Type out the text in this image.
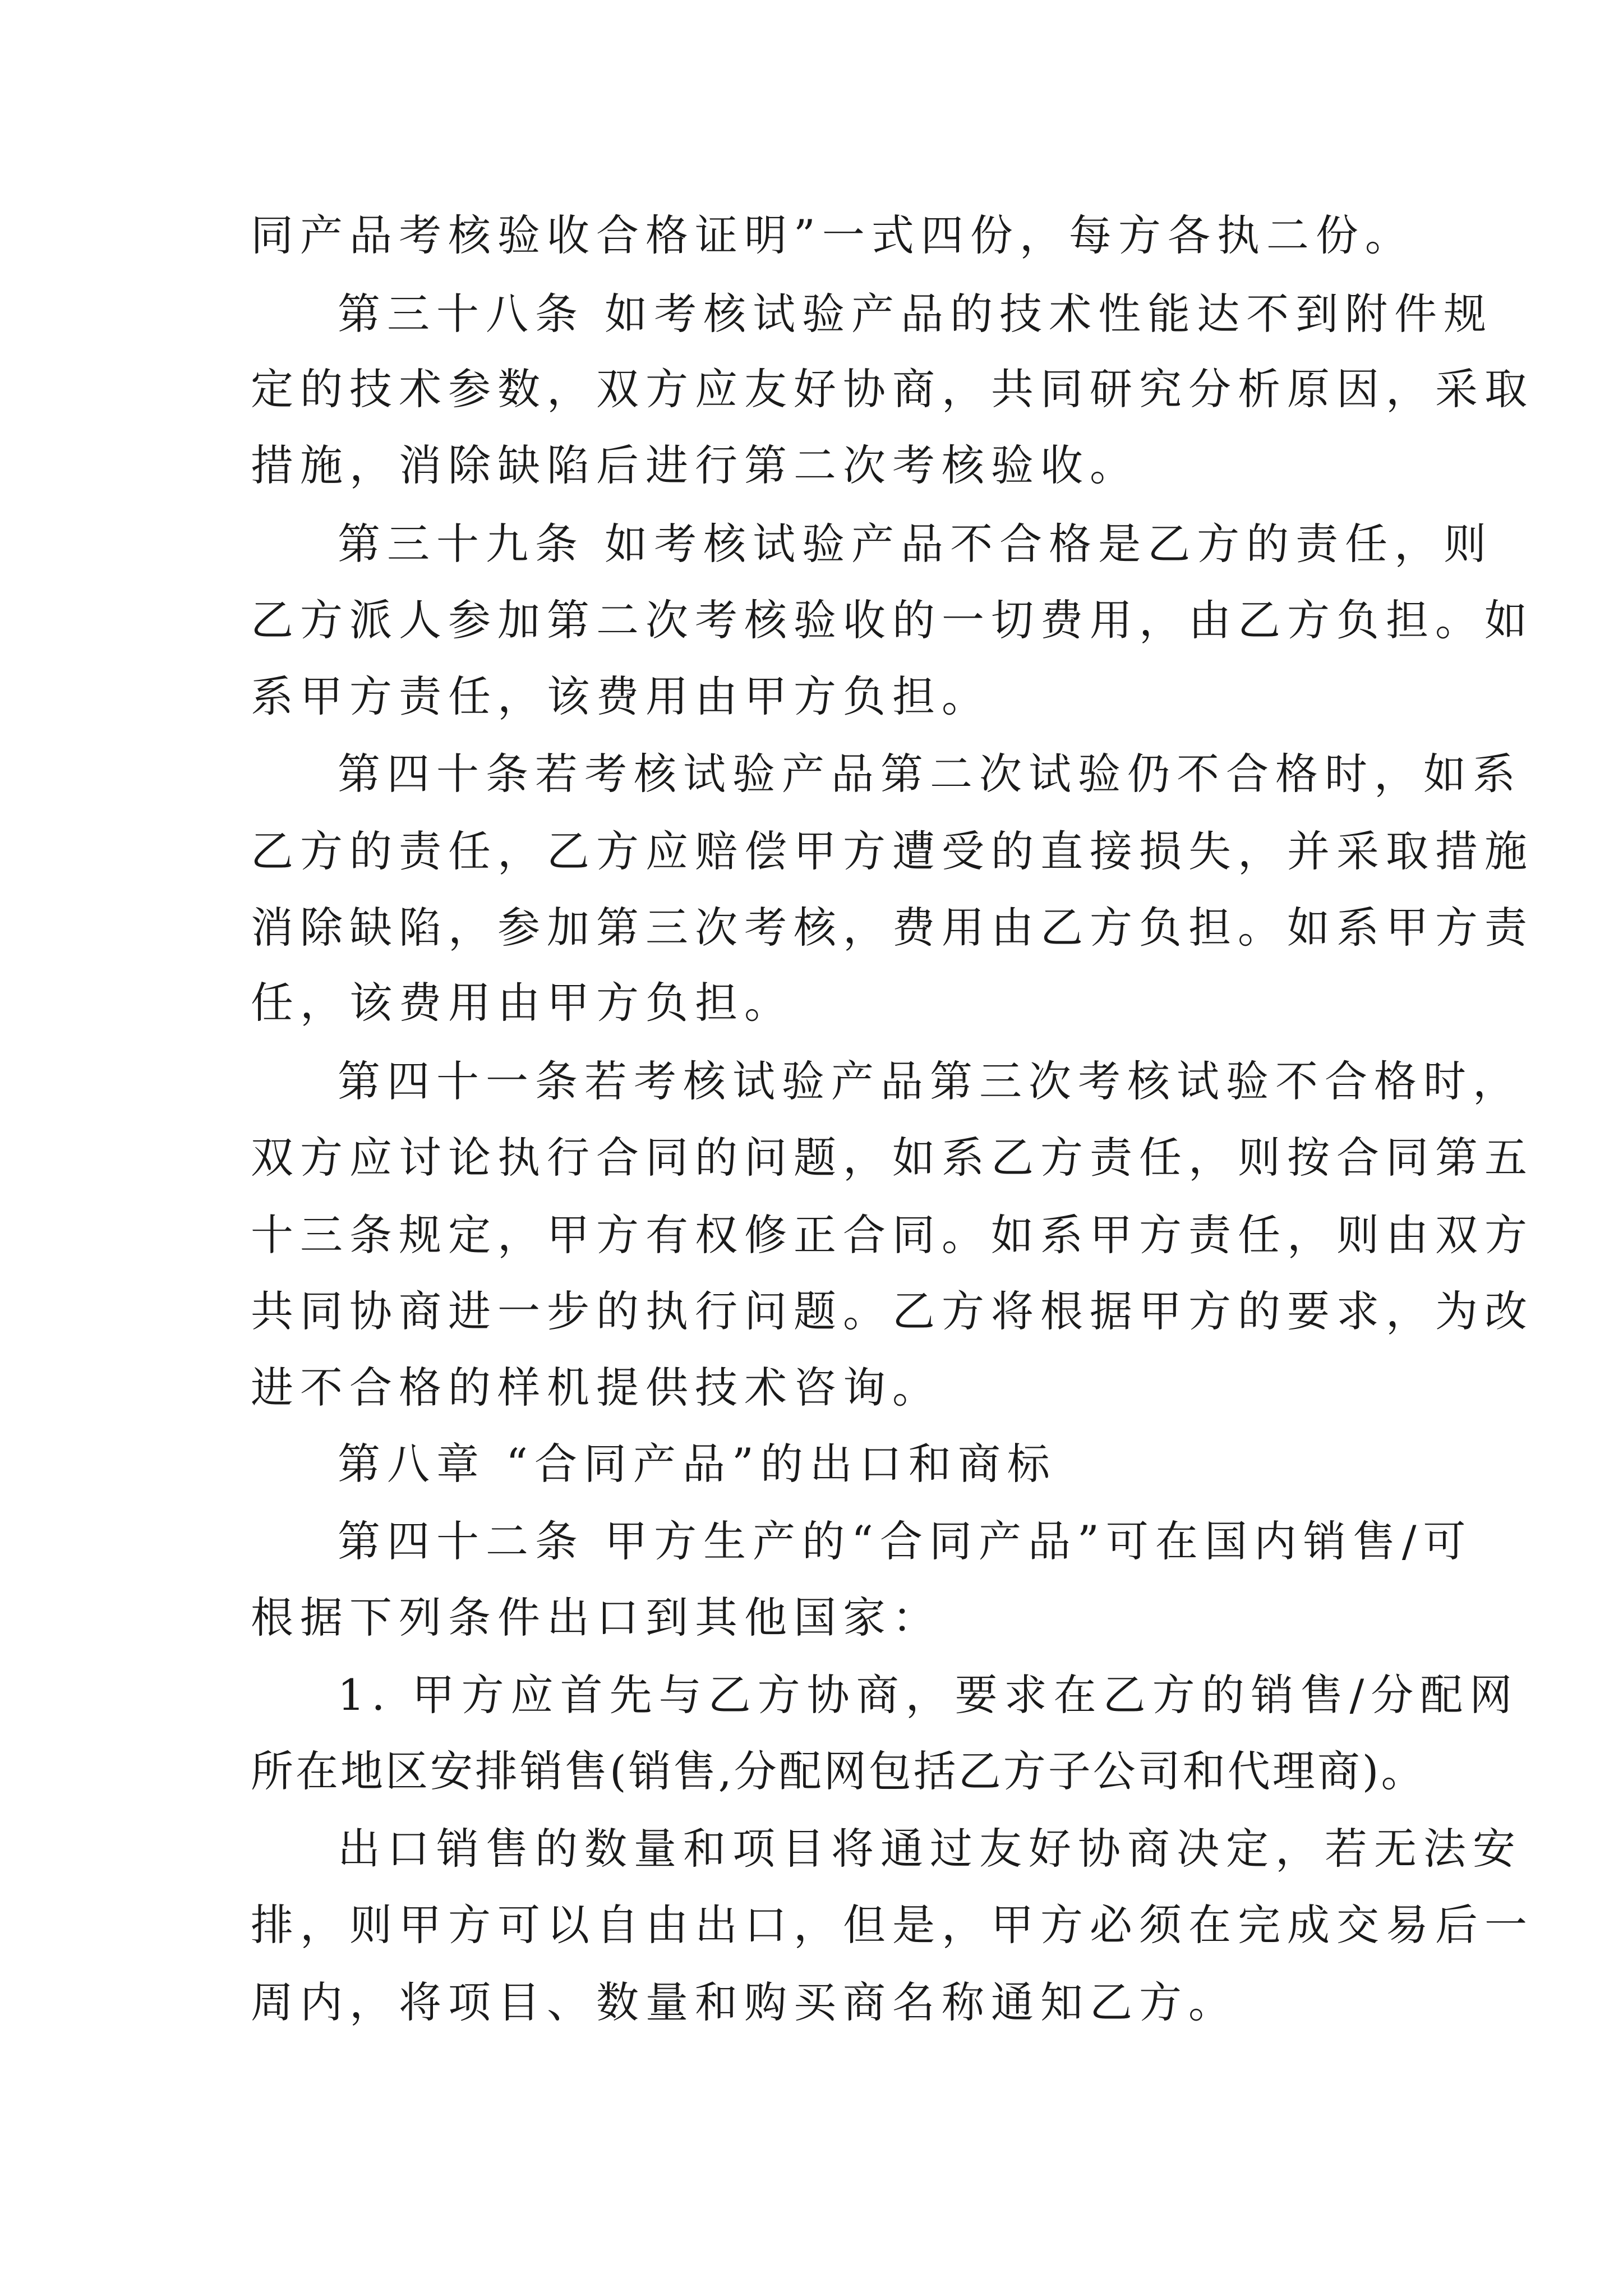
同产品考核验收合格证明”一式四份，每方各执二份。
第三十八条 如考核试验产品的技术性能达不到附件规
定的技术参数，双方应友好协商，共同研究分析原因，采取
措施，消除缺陷后进行第二次考核验收。
第三十九条 如考核试验产品不合格是乙方的责任，则
乙方派人参加第二次考核验收的一切费用，由乙方负担。如
系甲方责任，该费用由甲方负担。
第四十条若考核试验产品第二次试验仍不合格时，如系
乙方的责任，乙方应赔偿甲方遭受的直接损失，并采取措施
消除缺陷，参加第三次考核，费用由乙方负担。如系甲方责
任，该费用由甲方负担。
第四十一条若考核试验产品第三次考核试验不合格时，
双方应讨论执行合同的问题，如系乙方责任，则按合同第五
十三条规定，甲方有权修正合同。如系甲方责任，则由双方
共同协商进一步的执行问题。乙方将根据甲方的要求，为改
进不合格的样机提供技术咨询。
第八章 “合同产品”的出口和商标
第四十二条 甲方生产的“合同产品”可在国内销售/可
根据下列条件出口到其他国家：
1. 甲方应首先与乙方协商，要求在乙方的销售/分配网
所在地区安排销售(销售,分配网包括乙方子公司和代理商)。
出口销售的数量和项目将通过友好协商决定，若无法安
排，则甲方可以自由出口，但是，甲方必须在完成交易后一
周内，将项目、数量和购买商名称通知乙方。
